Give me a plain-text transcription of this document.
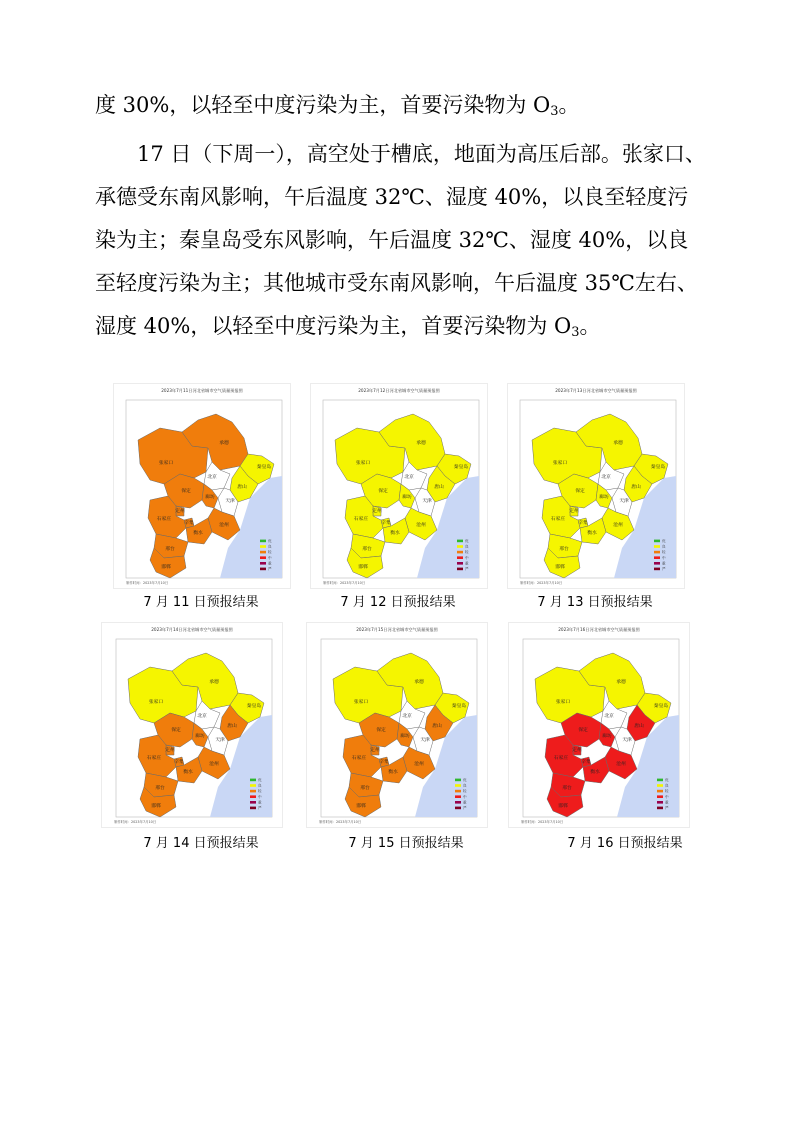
度 30%，以轻至中度污染为主，首要污染物为 $O_3$。

17 日（下周一），高空处于槽底，地面为高压后部。张家口、承德受东南风影响，午后温度 32℃、湿度 40%，以良至轻度污染为主；秦皇岛受东风影响，午后温度 32℃、湿度 40%，以良至轻度污染为主；其他城市受东南风影响，午后温度 35℃左右、湿度 40%，以轻至中度污染为主，首要污染物为 $O_3$。

2023年7月11日河北省城市空气质量预报图
张家口
承德
秦皇岛
唐山
北京
天津
保定
廊坊
沧州
定州
辛集
石家庄
衡水
邢台
邯郸
优
良
轻
中
重
严
制作时间：2023年7月10日
7 月 11 日预报结果
2023年7月12日河北省城市空气质量预报图
张家口
承德
秦皇岛
唐山
北京
天津
保定
廊坊
沧州
定州
辛集
石家庄
衡水
邢台
邯郸
优
良
轻
中
重
严
制作时间：2023年7月10日
7 月 12 日预报结果
2023年7月13日河北省城市空气质量预报图
张家口
承德
秦皇岛
唐山
北京
天津
保定
廊坊
沧州
定州
辛集
石家庄
衡水
邢台
邯郸
优
良
轻
中
重
严
制作时间：2023年7月10日
7 月 13 日预报结果
2023年7月14日河北省城市空气质量预报图
张家口
承德
秦皇岛
唐山
北京
天津
保定
廊坊
沧州
定州
辛集
石家庄
衡水
邢台
邯郸
优
良
轻
中
重
严
制作时间：2023年7月10日
7 月 14 日预报结果
2023年7月15日河北省城市空气质量预报图
张家口
承德
秦皇岛
唐山
北京
天津
保定
廊坊
沧州
定州
辛集
石家庄
衡水
邢台
邯郸
优
良
轻
中
重
严
制作时间：2023年7月10日
7 月 15 日预报结果
2023年7月16日河北省城市空气质量预报图
张家口
承德
秦皇岛
唐山
北京
天津
保定
廊坊
沧州
定州
辛集
石家庄
衡水
邢台
邯郸
优
良
轻
中
重
严
制作时间：2023年7月10日
7 月 16 日预报结果
